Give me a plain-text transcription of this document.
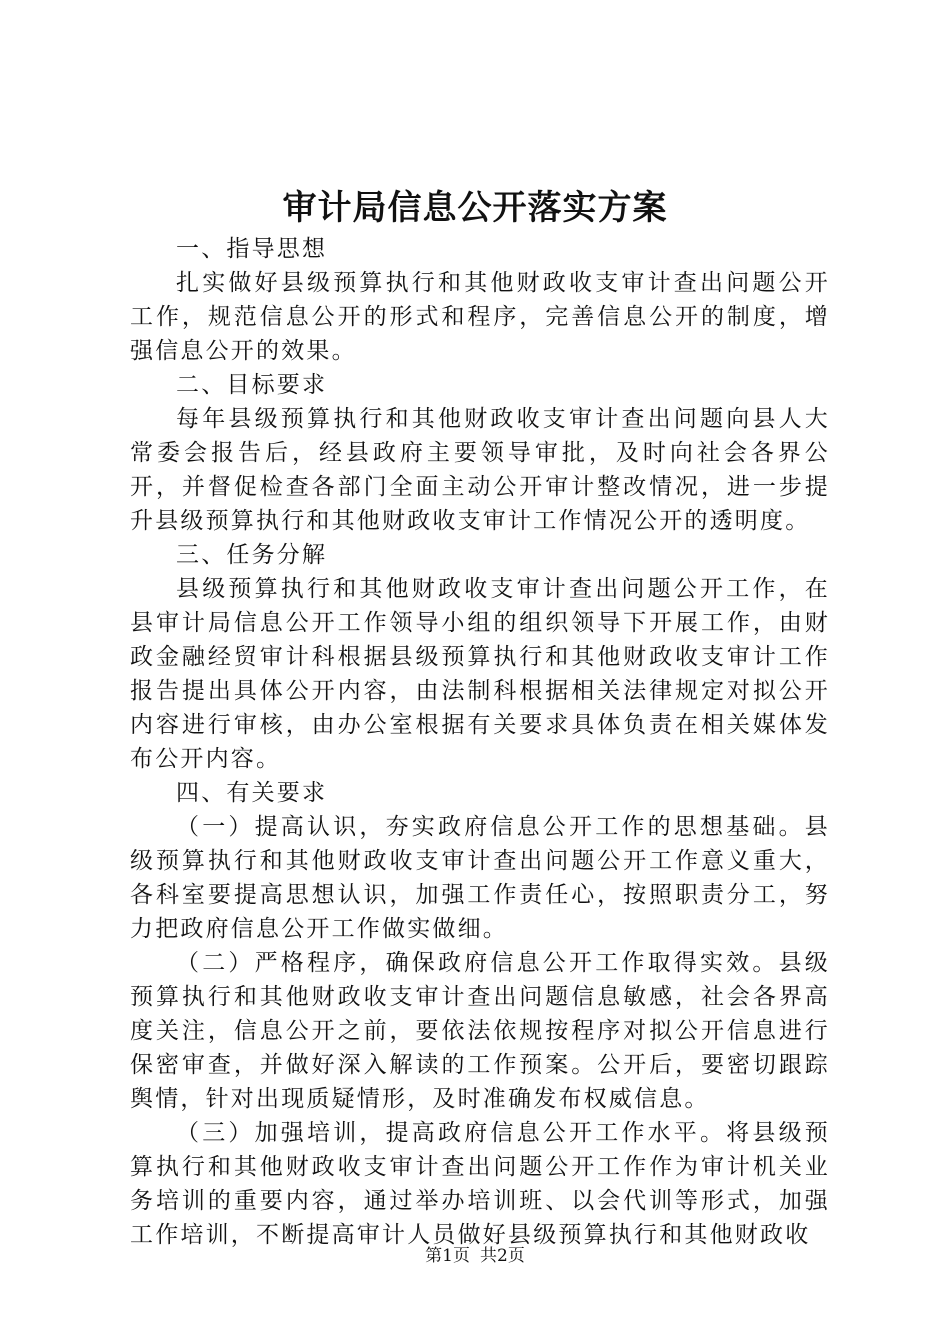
审计局信息公开落实方案

一、指导思想

扎实做好县级预算执行和其他财政收支审计查出问题公开工作，规范信息公开的形式和程序，完善信息公开的制度，增强信息公开的效果。

二、目标要求

每年县级预算执行和其他财政收支审计查出问题向县人大常委会报告后，经县政府主要领导审批，及时向社会各界公开，并督促检查各部门全面主动公开审计整改情况，进一步提升县级预算执行和其他财政收支审计工作情况公开的透明度。

三、任务分解

县级预算执行和其他财政收支审计查出问题公开工作，在县审计局信息公开工作领导小组的组织领导下开展工作，由财政金融经贸审计科根据县级预算执行和其他财政收支审计工作报告提出具体公开内容，由法制科根据相关法律规定对拟公开内容进行审核，由办公室根据有关要求具体负责在相关媒体发布公开内容。

四、有关要求

（一）提高认识，夯实政府信息公开工作的思想基础。县级预算执行和其他财政收支审计查出问题公开工作意义重大，各科室要提高思想认识，加强工作责任心，按照职责分工，努力把政府信息公开工作做实做细。

（二）严格程序，确保政府信息公开工作取得实效。县级预算执行和其他财政收支审计查出问题信息敏感，社会各界高度关注，信息公开之前，要依法依规按程序对拟公开信息进行保密审查，并做好深入解读的工作预案。公开后，要密切跟踪舆情，针对出现质疑情形，及时准确发布权威信息。

（三）加强培训，提高政府信息公开工作水平。将县级预算执行和其他财政收支审计查出问题公开工作作为审计机关业务培训的重要内容，通过举办培训班、以会代训等形式，加强工作培训，不断提高审计人员做好县级预算执行和其他财政收

第1页 共2页
